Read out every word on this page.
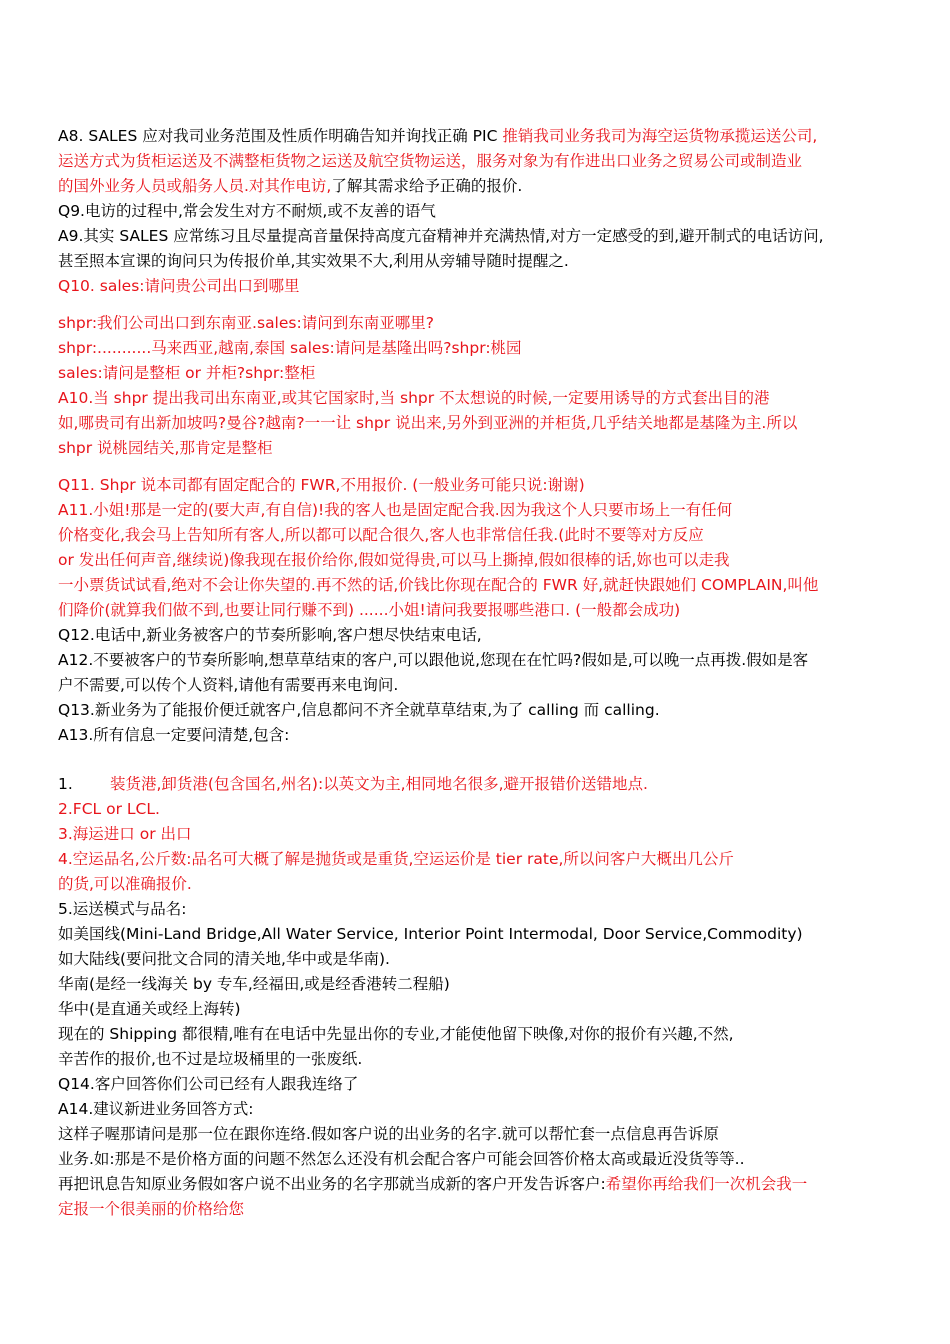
A8. SALES 应对我司业务范围及性质作明确告知并询找正确 PIC 推销我司业务我司为海空运货物承揽运送公司,
运送方式为货柜运送及不满整柜货物之运送及航空货物运送，服务对象为有作进出口业务之贸易公司或制造业
的国外业务人员或船务人员.对其作电访,了解其需求给予正确的报价.
Q9.电访的过程中,常会发生对方不耐烦,或不友善的语气
A9.其实 SALES 应常练习且尽量提高音量保持高度亢奋精神并充满热情,对方一定感受的到,避开制式的电话访问,
甚至照本宣课的询问只为传报价单,其实效果不大,利用从旁辅导随时提醒之.
Q10. sales:请问贵公司出口到哪里
shpr:我们公司出口到东南亚.sales:请问到东南亚哪里?
shpr:...........马来西亚,越南,泰国 sales:请问是基隆出吗?shpr:桃园
sales:请问是整柜 or 并柜?shpr:整柜
A10.当 shpr 提出我司出东南亚,或其它国家时,当 shpr 不太想说的时候,一定要用诱导的方式套出目的港
如,哪贵司有出新加坡吗?曼谷?越南?一一让 shpr 说出来,另外到亚洲的并柜货,几乎结关地都是基隆为主.所以
shpr 说桃园结关,那肯定是整柜
Q11. Shpr 说本司都有固定配合的 FWR,不用报价. (一般业务可能只说:谢谢)
A11.小姐!那是一定的(要大声,有自信)!我的客人也是固定配合我.因为我这个人只要市场上一有任何
价格变化,我会马上告知所有客人,所以都可以配合很久,客人也非常信任我.(此时不要等对方反应
or 发出任何声音,继续说)像我现在报价给你,假如觉得贵,可以马上撕掉,假如很棒的话,妳也可以走我
一小票货试试看,绝对不会让你失望的.再不然的话,价钱比你现在配合的 FWR 好,就赶快跟她们 COMPLAIN,叫他
们降价(就算我们做不到,也要让同行赚不到) ......小姐!请问我要报哪些港口. (一般都会成功)
Q12.电话中,新业务被客户的节奏所影响,客户想尽快结束电话,
A12.不要被客户的节奏所影响,想草草结束的客户,可以跟他说,您现在在忙吗?假如是,可以晚一点再拨.假如是客
户不需要,可以传个人资料,请他有需要再来电询问.
Q13.新业务为了能报价便迁就客户,信息都问不齐全就草草结束,为了 calling 而 calling.
A13.所有信息一定要问清楚,包含:
1. 装货港,卸货港(包含国名,州名):以英文为主,相同地名很多,避开报错价送错地点.
2.FCL or LCL.
3.海运进口 or 出口
4.空运品名,公斤数:品名可大概了解是抛货或是重货,空运运价是 tier rate,所以问客户大概出几公斤
的货,可以准确报价.
5.运送模式与品名:
如美国线(Mini-Land Bridge,All Water Service, Interior Point Intermodal, Door Service,Commodity)
如大陆线(要问批文合同的清关地,华中或是华南).
华南(是经一线海关 by 专车,经福田,或是经香港转二程船)
华中(是直通关或经上海转)
现在的 Shipping 都很精,唯有在电话中先显出你的专业,才能使他留下映像,对你的报价有兴趣,不然,
辛苦作的报价,也不过是垃圾桶里的一张废纸.
Q14.客户回答你们公司已经有人跟我连络了
A14.建议新进业务回答方式:
这样子喔那请问是那一位在跟你连络.假如客户说的出业务的名字.就可以帮忙套一点信息再告诉原
业务.如:那是不是价格方面的问题不然怎么还没有机会配合客户可能会回答价格太高或最近没货等等..
再把讯息告知原业务假如客户说不出业务的名字那就当成新的客户开发告诉客户:希望你再给我们一次机会我一
定报一个很美丽的价格给您
